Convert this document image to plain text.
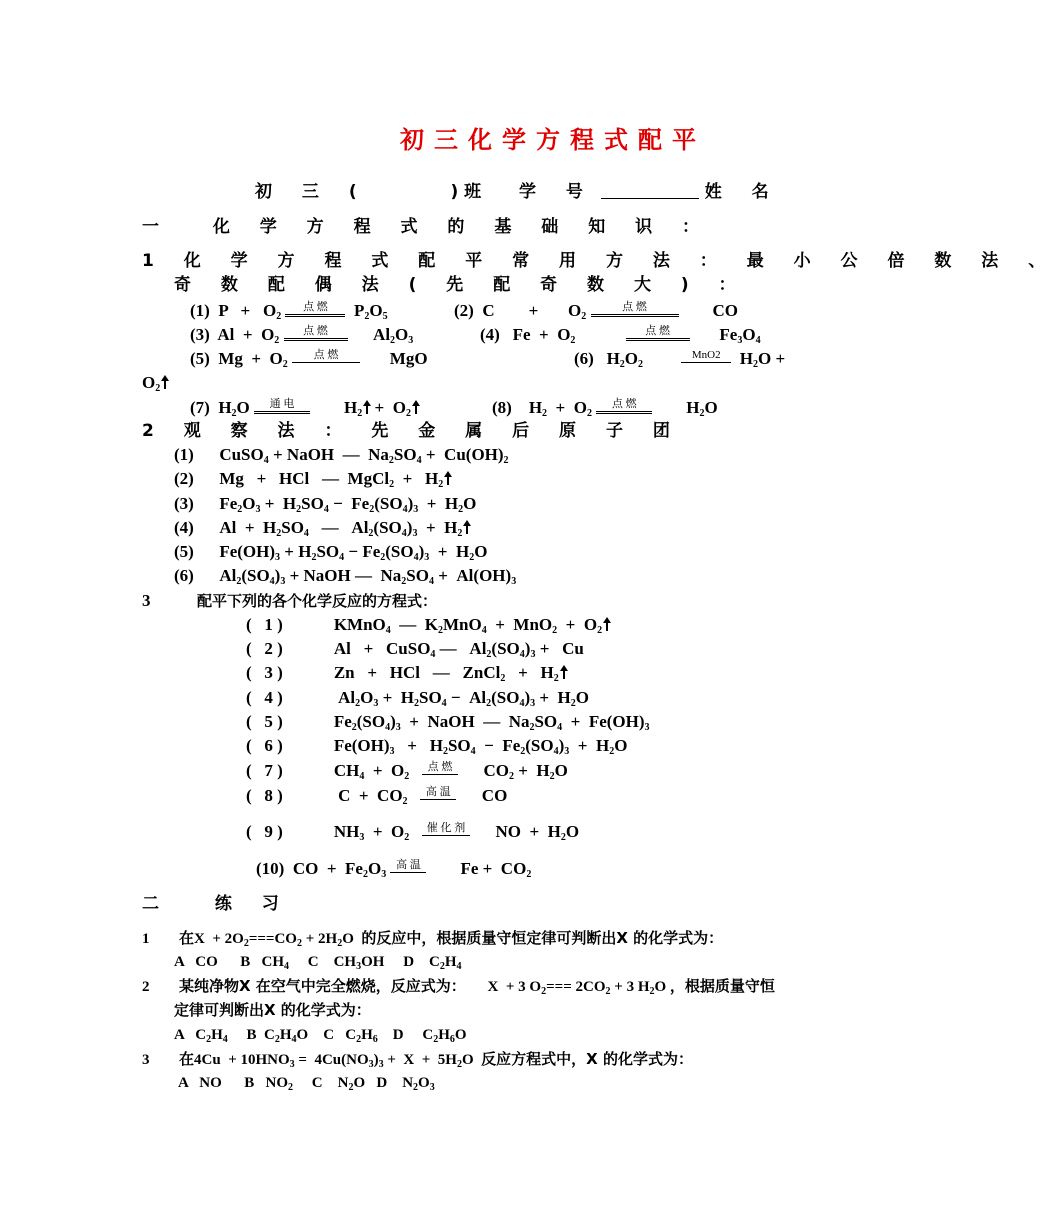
初三化学方程式配平
初 三 (	) 班 学 号	姓 名
一	化 学 方 程 式 的 基 础 知 识 ：
1 化 学 方 程 式 配 平 常 用 方 法 ： 最 小 公 倍 数 法 、
奇 数 配 偶 法 ( 先 配 奇 数 大 ) ：
(1)  $P + O_2$ 点 燃
$P_2O_5$	(2)  C        +       $O_2$ 点 燃
CO
(3)  $Al + O_2$ 点 燃
$Al_2O_3$	(4)   $Fe + O_2$ 点 燃
$Fe_3O_4$
(5)  $Mg + O_2$ 点 燃
MgO	(6)   $H_2O_2$ MnO2
$H_2O$ +
$O_2$
(7)  $H_2O$ 通 电
$H_2 + O_2$	(8)    $H_2 + O_2$ 点 燃
$H_2O$
2 观 察 法 ： 先 金 属 后 原 子 团
(1)      CuSO$_4$ + NaOH  —  $Na_2SO_4 + Cu(OH)_2$
(2)      Mg   +   HCl   —  MgCl$_2$  +   $H_2$
(3)      $Fe_2O_3 + H_2SO_4 - Fe_2(SO_4)_3 + H_2O$
(4)      $Al + H_2SO_4$   —   $Al_2(SO_4)_3 + H_2$
(5)      $Fe(OH)_3 + H_2SO_4 - Fe_2(SO_4)_3 + H_2O$
(6)      $Al_2(SO_4)_3$ + NaOH —  $Na_2SO_4 + Al(OH)_3$
3	配平下列的各个化学反应的方程式：
(   1 )            KMnO$_4$  —  $K_2MnO_4 + MnO_2 + O_2$
(   2 )            Al   +   CuSO$_4$ —   $Al_2(SO_4)_3 + Cu$
(   3 )            Zn   +   HCl   —   ZnCl$_2$   +   $H_2$
(   4 )             $Al_2O_3 + H_2SO_4 - Al_2(SO_4)_3 + H_2O$
(   5 )            $Fe_2(SO_4)_3$  +  NaOH  —  $Na_2SO_4 + Fe(OH)_3$
(   6 )            $Fe(OH)_3 + H_2SO_4 - Fe_2(SO_4)_3 + H_2O$
(   7 )            $CH_4 + O_2$   点 燃
$CO_2 + H_2O$
(   8 )             $C + CO_2$   高 温
CO
(   9 )            $NH_3 + O_2$   催 化 剂
NO  +  $H_2O$
(10)  CO  +  $Fe_2O_3$ 高 温
$Fe + CO_2$
二	练 习
1 在$X + 2O_2===CO_2 + 2H_2O$  的反应中，根据质量守恒定律可判断出X 的化学式为：
A   CO      B   $CH_4$     C    $CH_3OH$     D    $C_2H_4$
2 某纯净物X 在空气中完全燃烧，反应式为： X  + 3 $O_2=== 2CO_2 + 3$ $H_2O$ ，根据质量守恒
定律可判断出X 的化学式为：
A   $C_2H_4$     B  $C_2H_4O$    C   $C_2H_6$    D     $C_2H_6O$
3 在$4Cu + 10HNO_3 = 4Cu(NO_3)_3 + X + 5H_2O$  反应方程式中，X 的化学式为：
A   NO      B   $NO_2$     C    $N_2O$   D    $N_2O_3$
